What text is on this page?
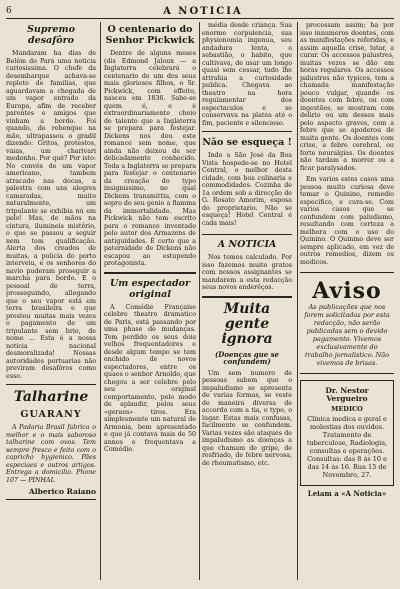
6	A NOTICIA
Supremo desafôro

Mandaram ha dias de Belém do Pará uma noticia curiosissima. O chefe da desembarque achava-se repleto de familias, que aguardavam a chegada de um vapor entrado da Europa, afim de receber parentes e amigos que vinham a bordo. Foi quando, de rebenque na mão, ultrapassou o gradil dizendo: Gritos, protestos, vaias, um charivari medonho. Por quê? Por isto: No convés de um vapor americano, tambem atracado nas docas, a palestra com uns alegres camaradas, muito naturalmente, um tripulante se exhibia nú em pelo! Mas, de mãos na cintura, ilumineis mistério, o que se passou a seguir nem tem qualificação. Alerta dos creados de muitas, a policia do porto interveiu, e os senhores do navio puderam proseguir a marcha para bordo. E o pessoal de terra, prosseguindo, allegando que o seu vapor está em terra brasileira e que prestou muitas mais vezes o pagamento de um tripulante sem brio, de nome ... Esta é a nossa noticia nacional desmoralizada! Nossas autoridades portuarias não previram desafôros como esse.

Talharine
GUARANY

A Padaria Brasil fabrica o melhor e o mais saboroso talharine com ovos. Tem sempre fresco e feito com o capricho hygienico. Pães especiaes e outros artigos. Entrega a domicilio. Phone 107 — PINHAL

Alberico Raiano
O centenario do Senhor Pickwick

Dentre de alguns meses (dis Edmond Jaloux — a Inglaterra celebrará o centenario de um dos seus mais gloriosos filhos, o Sr. Pickwick, com effeito, nasceu em 1836. Sabe-se quem é, e é extraordinariamente cheio de talento que a Inglaterra se prepara para festejar. Dickens nos deu este romance sem nome, que ainda não deixou de ser delicadamente conhecido. Toda a Inglaterra se prepara para festejar o centenario da creação do typo insignissimo, no qual Dickens transmittiu, com o sopro do seu genio a flamma da immortalidade. Mas Pickwick não tem escrito para o romance inventado pelo autor dos Armazens de antiguidades. É certo que a paternidade de Dickens não escapou ao estupendo protagonista.

Um espectador original

A Comédie Française celebre theatro dramatico de Paris, está passando por uma phase de mudanças. Tem perdido os seus dois velhos frequentadores e desde algum tempo se tem enchido de novos espectadores, entre os quaes o senhor Arnoldo, que chegou a ser celebre pelo seu original comportamento, pelo modo de aplaudir, pelos seus «geraes» tiros. Era simplesmente um natural de Armonia, bem apresentado e que já contava mais de 50 annos e frequentava a Comédie.

média desde criança. Sua enorme corpulencia, sua physionomia ingenua, seu andadura lenta, o sebastião, o habito, que cultivava, de usar um longo quasi sem cessar, tudo lhe attrahia a curiosidade publica. Chegava ao theatro na hora regulamentar dos espectaculos e se conservava na platéa até o fim, paciente e silencioso.

Não se esqueça !

Indo a São José da Boa Vista hospede-se no Hotel Central, o melhor desta cidade, com boa culinaria e commodidades. Cozinha de 1a ordem sob a direcção de G. Rosato Amorim, esposa do proprietario. Não se esqueça! Hotel Central é cada mais!

A NOTICIA

Nos temos calculado. Por isso fazemos muito gratos com nossos assignantes se mandarem a esta redacção seus novos enderêços.

Muita gente ignora
(Doenças que se confundem)

Um sem numero de pessoas sabem que o impaludismo se apresenta de varias formas, se veste de maneira diversa de accordo com a tia, o typo, o lugar. Estas mais confusas, facilmente se confundem. Varias vezes são ataques de impaludismo as doenças a que chamam de gripe, de resfriado, de febre nervosa, de rheumatismo, etc.

processam assim; ha por isso innumeros doentes, com as manifestações referidas, e assim aquella crise, lutar, a curar. Os accessos palustres, muitas vezes se dão em horas regulares. Os accessos palustres não typicos, tem a chamada manifestação pouco vulgar, quando os doentes com febre, ou com ingestões, se mostram com delirio ou um desses mais pelo aspecto graves, com a febre que se apoderou de muita gente. Os doentes com crise, a febre cerebral, ou forte neuralgias. Os doentes não tardam a morrer ou a ficar paralysados.

Em varios estes casos uma pessoa muito curiosa deve tomar o Quinino, remedio especifico, e cura-se. Com varios casos que se confundem com paludismo, resultando com certeza a melhora com o uso do Quinino. O Quinino deve ser sempre aplicado, em vez de outros remedios, dizem os medicos.

Aviso
As publicações que nos forem solicitadas por esta redacção, não serão publicadas sem o devido pagamento. Vivemos exclusivamente do trabalho jornalistico. Não vivemos de brisas.
Dr. Nestor Vergueiro
MEDICO
Clinica medica e geral e molestias dos ouvidos. Tratamento de tuberculose, Radiologia, consultas e operações. Consultas: das 8 ás 10 e das 14 ás 16. Rua 15 de Novembro, 27.
Leiam a «A Noticia»
